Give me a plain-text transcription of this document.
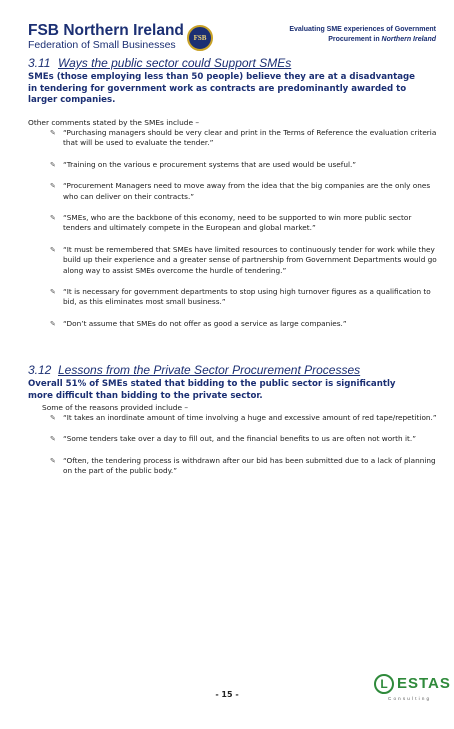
FSB Northern Ireland
Federation of Small Businesses
FSB
Evaluating SME experiences of Government
Procurement in Northern Ireland
3.11 Ways the public sector could Support SMEs
SMEs (those employing less than 50 people) believe they are at a disadvantage in tendering for government work as contracts are predominantly awarded to larger companies.
Other comments stated by the SMEs include –
✎ “Purchasing managers should be very clear and print in the Terms of Reference the evaluation criteria that will be used to evaluate the tender.”
✎ “Training on the various e procurement systems that are used would be useful.”
✎ “Procurement Managers need to move away from the idea that the big companies are the only ones who can deliver on their contracts.”
✎ “SMEs, who are the backbone of this economy, need to be supported to win more public sector tenders and ultimately compete in the European and global market.”
✎ “It must be remembered that SMEs have limited resources to continuously tender for work while they build up their experience and a greater sense of partnership from Government Departments would go along way to assist SMEs overcome the hurdle of tendering.”
✎ “It is necessary for government departments to stop using high turnover figures as a qualification to bid, as this eliminates most small business.”
✎ “Don’t assume that SMEs do not offer as good a service as large companies.”
3.12 Lessons from the Private Sector Procurement Processes
Overall 51% of SMEs stated that bidding to the public sector is significantly more difficult than bidding to the private sector.
Some of the reasons provided include –
✎ “It takes an inordinate amount of time involving a huge and excessive amount of red tape/repetition.”
✎ “Some tenders take over a day to fill out, and the financial benefits to us are often not worth it.”
✎ “Often, the tendering process is withdrawn after our bid has been submitted due to a lack of planning on the part of the public body.”
- 15 -
L ESTAS
Consulting
